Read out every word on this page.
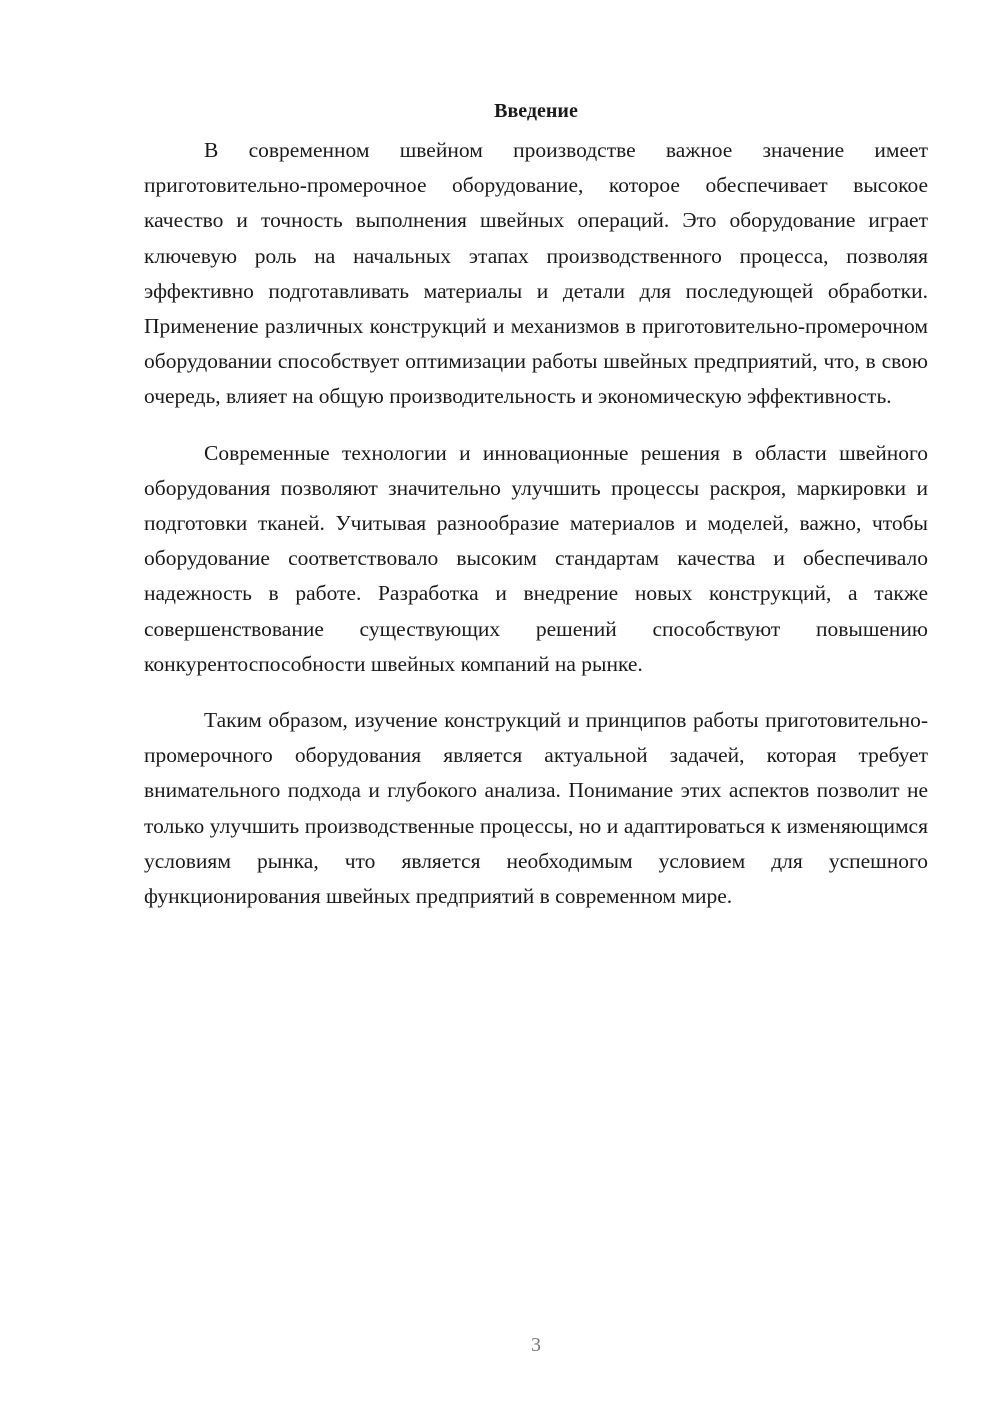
Введение

В современном швейном производстве важное значение имеет приготовительно-промерочное оборудование, которое обеспечивает высокое качество и точность выполнения швейных операций. Это оборудование играет ключевую роль на начальных этапах производственного процесса, позволяя эффективно подготавливать материалы и детали для последующей обработки. Применение различных конструкций и механизмов в приготовительно-промерочном оборудовании способствует оптимизации работы швейных предприятий, что, в свою очередь, влияет на общую производительность и экономическую эффективность.

Современные технологии и инновационные решения в области швейного оборудования позволяют значительно улучшить процессы раскроя, маркировки и подготовки тканей. Учитывая разнообразие материалов и моделей, важно, чтобы оборудование соответствовало высоким стандартам качества и обеспечивало надежность в работе. Разработка и внедрение новых конструкций, а также совершенствование существующих решений способствуют повышению конкурентоспособности швейных компаний на рынке.

Таким образом, изучение конструкций и принципов работы приготовительно-промерочного оборудования является актуальной задачей, которая требует внимательного подхода и глубокого анализа. Понимание этих аспектов позволит не только улучшить производственные процессы, но и адаптироваться к изменяющимся условиям рынка, что является необходимым условием для успешного функционирования швейных предприятий в современном мире.

3
